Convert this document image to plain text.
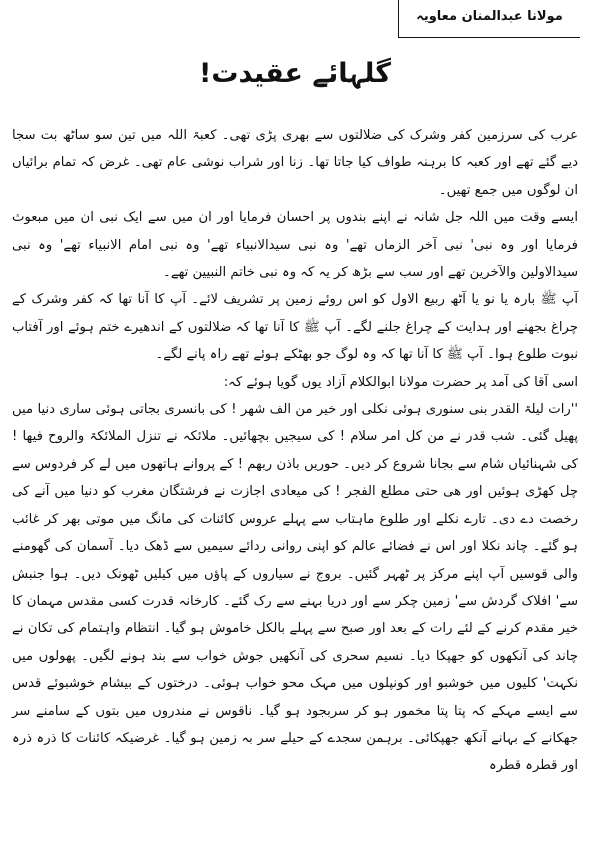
مولانا عبدالمنان معاویہ
گلہائے عقیدت!

عرب کی سرزمین کفر وشرک کی ضلالتوں سے بھری پڑی تھی۔ کعبۃ اللہ میں تین سو ساٹھ بت سجا دیے گئے تھے اور کعبہ کا برہنہ طواف کیا جاتا تھا۔ زنا اور شراب نوشی عام تھی۔ غرض کہ تمام برائیاں ان لوگوں میں جمع تھیں۔

ایسے وقت میں اللہ جل شانہ نے اپنے بندوں پر احسان فرمایا اور ان میں سے ایک نبی ان میں مبعوث فرمایا اور وہ نبی' نبی آخر الزماں تھے' وہ نبی سیدالانبیاء تھے' وہ نبی امام الانبیاء تھے' وہ نبی سیدالاولین والآخرین تھے اور سب سے بڑھ کر یہ کہ وہ نبی خاتم النبیین تھے۔

آپ ﷺ بارہ یا نو یا آٹھ ربیع الاول کو اس روئے زمین پر تشریف لائے۔ آپ کا آنا تھا کہ کفر وشرک کے چراغ بجھنے اور ہدایت کے چراغ جلنے لگے۔ آپ ﷺ کا آنا تھا کہ ضلالتوں کے اندھیرے ختم ہوئے اور آفتاب نبوت طلوع ہوا۔ آپ ﷺ کا آنا تھا کہ وہ لوگ جو بھٹکے ہوئے تھے راہ پانے لگے۔

اسی آقا کی آمد پر حضرت مولانا ابوالکلام آزاد یوں گویا ہوئے کہ:

''رات لیلۃ القدر بنی سنوری ہوئی نکلی اور خیر من الف شھر ! کی بانسری بجاتی ہوئی ساری دنیا میں پھیل گئی۔ شب قدر نے من کل امر سلام ! کی سیجیں بچھائیں۔ ملائکہ نے تنزل الملائکۃ والروح فیھا ! کی شہنائیاں شام سے بجانا شروع کر دیں۔ حوریں باذن ربھم ! کے پروانے ہاتھوں میں لے کر فردوس سے چل کھڑی ہوئیں اور ھی حتی مطلع الفجر ! کی میعادی اجازت نے فرشتگان مغرب کو دنیا میں آنے کی رخصت دے دی۔ تارے نکلے اور طلوع ماہتاب سے پہلے عروس کائنات کی مانگ میں موتی بھر کر غائب ہو گئے۔ چاند نکلا اور اس نے فضائے عالم کو اپنی روانی ردائے سیمیں سے ڈھک دیا۔ آسمان کی گھومنے والی قوسیں آپ اپنے مرکز پر ٹھہر گئیں۔ بروج نے سیاروں کے پاؤں میں کیلیں ٹھونک دیں۔ ہوا جنبش سے' افلاک گردش سے' زمین چکر سے اور دریا بہنے سے رک گئے۔ کارخانہ قدرت کسی مقدس مہمان کا خیر مقدم کرنے کے لئے رات کے بعد اور صبح سے پہلے بالکل خاموش ہو گیا۔ انتظام واہتمام کی تکان نے چاند کی آنکھوں کو جھپکا دیا۔ نسیم سحری کی آنکھیں جوش خواب سے بند ہونے لگیں۔ پھولوں میں نکہت' کلیوں میں خوشبو اور کونپلوں میں مہک محو خواب ہوئی۔ درختوں کے بیشام خوشبوئے قدس سے ایسے مہکے کہ پتا پتا مخمور ہو کر سربجود ہو گیا۔ ناقوس نے مندروں میں بتوں کے سامنے سر جھکانے کے بہانے آنکھ جھپکائی۔ برہمن سجدے کے حیلے سر بہ زمین ہو گیا۔ غرضیکہ کائنات کا ذرہ ذرہ اور قطرہ قطرہ
